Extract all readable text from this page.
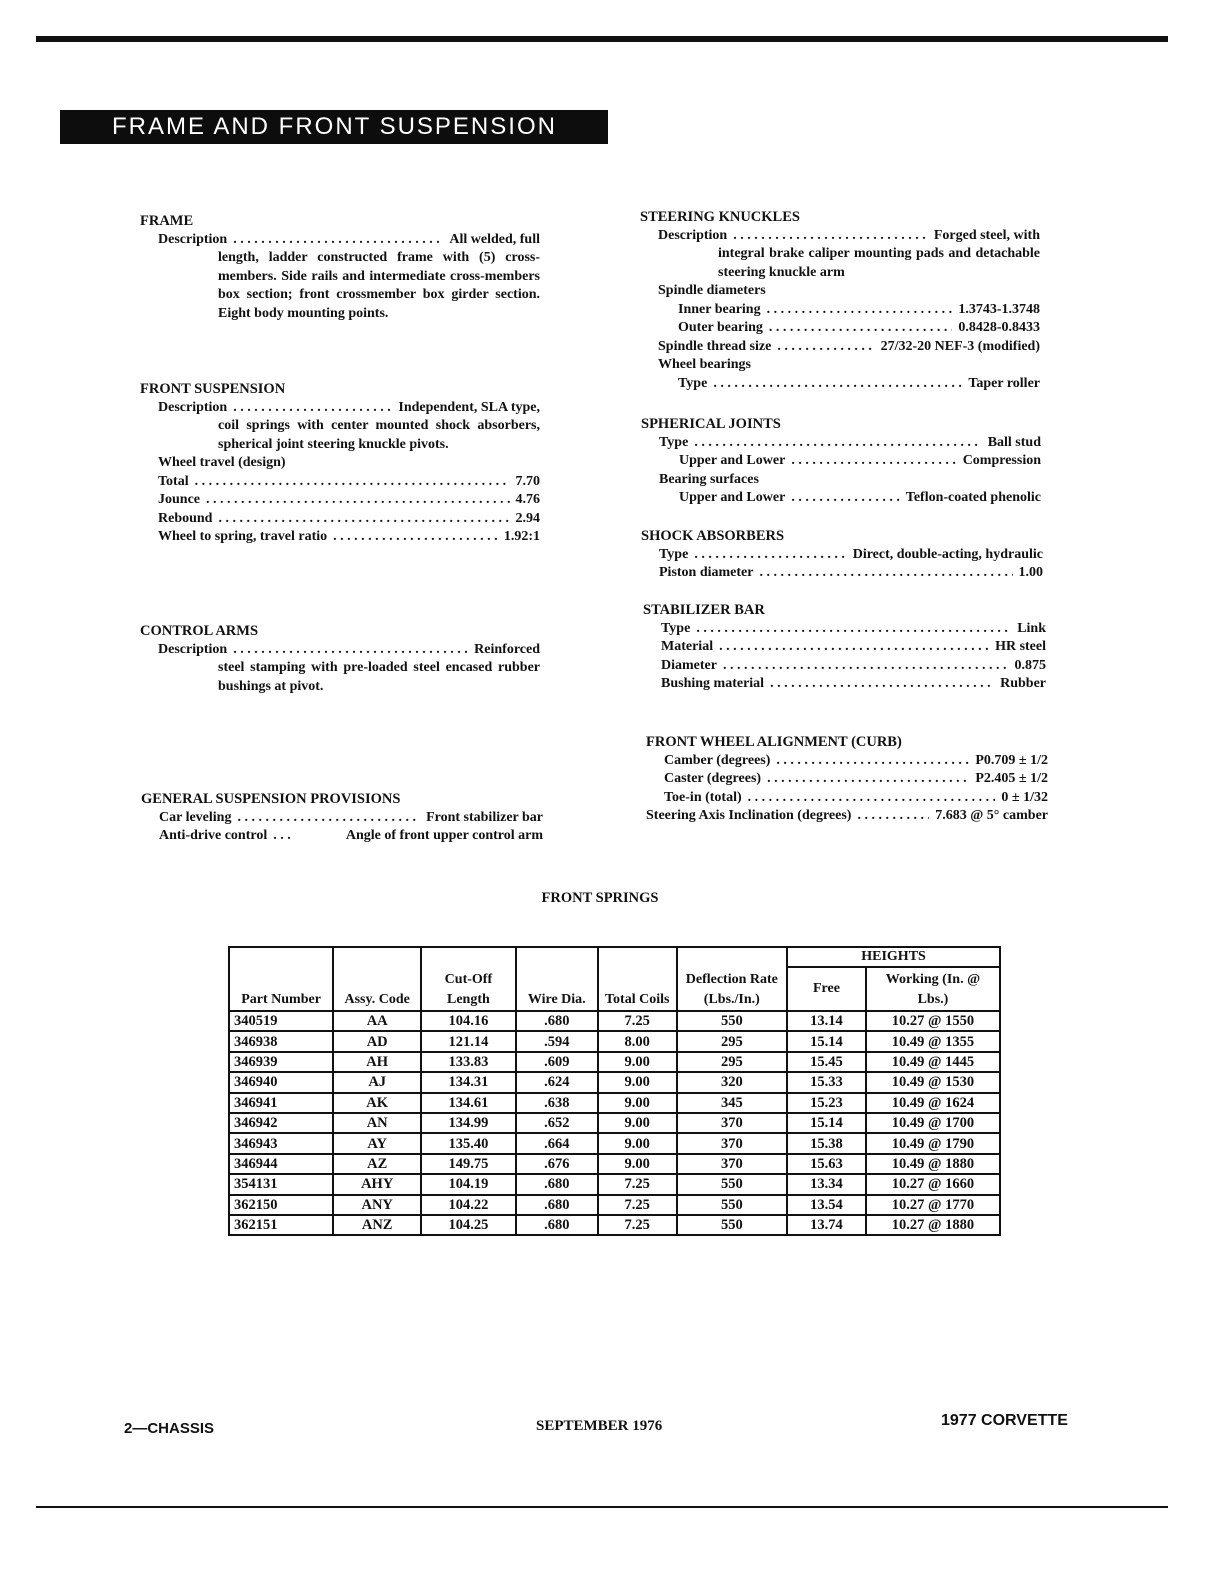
FRAME AND FRONT SUSPENSION
FRAME
Description . . .	All welded, full
length, ladder constructed frame with (5) cross-members. Side rails and intermediate cross-members box section; front crossmember box girder section. Eight body mounting points.
FRONT SUSPENSION
Description . . .	Independent, SLA type,
coil springs with center mounted shock absorbers, spherical joint steering knuckle pivots.
Wheel travel (design)
Total . . .	7.70
Jounce . . .	4.76
Rebound . . .	2.94
Wheel to spring, travel ratio . . .	1.92:1
CONTROL ARMS
Description . . .	Reinforced
steel stamping with pre-loaded steel encased rubber bushings at pivot.
GENERAL SUSPENSION PROVISIONS
Car leveling . . .	Front stabilizer bar
Anti-drive control . . .	Angle of front upper control arm
STEERING KNUCKLES
Description . . .	Forged steel, with
integral brake caliper mounting pads and detachable steering knuckle arm
Spindle diameters
Inner bearing . . .	1.3743-1.3748
Outer bearing . . .	0.8428-0.8433
Spindle thread size . . .	27/32-20 NEF-3 (modified)
Wheel bearings
Type . . .	Taper roller
SPHERICAL JOINTS
Type . . .	Ball stud
Upper and Lower . . .	Compression
Bearing surfaces
Upper and Lower . . .	Teflon-coated phenolic
SHOCK ABSORBERS
Type . . .	Direct, double-acting, hydraulic
Piston diameter . . .	1.00
STABILIZER BAR
Type . . .	Link
Material . . .	HR steel
Diameter . . .	0.875
Bushing material . . .	Rubber
FRONT WHEEL ALIGNMENT (CURB)
Camber (degrees) . . .	P0.709 ± 1/2
Caster (degrees) . . .	P2.405 ± 1/2
Toe-in (total) . . .	0 ± 1/32
Steering Axis Inclination (degrees) . . .	7.683 @ 5° camber
FRONT SPRINGS
Part Number	Assy. Code	Cut-Off Length	Wire Dia.	Total Coils	Deflection Rate (Lbs./In.)	HEIGHTS	
						Free	Working (In. @ Lbs.)
340519	AA	104.16	.680	7.25	550	13.14	10.27 @ 1550
346938	AD	121.14	.594	8.00	295	15.14	10.49 @ 1355
346939	AH	133.83	.609	9.00	295	15.45	10.49 @ 1445
346940	AJ	134.31	.624	9.00	320	15.33	10.49 @ 1530
346941	AK	134.61	.638	9.00	345	15.23	10.49 @ 1624
346942	AN	134.99	.652	9.00	370	15.14	10.49 @ 1700
346943	AY	135.40	.664	9.00	370	15.38	10.49 @ 1790
346944	AZ	149.75	.676	9.00	370	15.63	10.49 @ 1880
354131	AHY	104.19	.680	7.25	550	13.34	10.27 @ 1660
362150	ANY	104.22	.680	7.25	550	13.54	10.27 @ 1770
362151	ANZ	104.25	.680	7.25	550	13.74	10.27 @ 1880
2—CHASSIS	SEPTEMBER 1976	1977 CORVETTE
